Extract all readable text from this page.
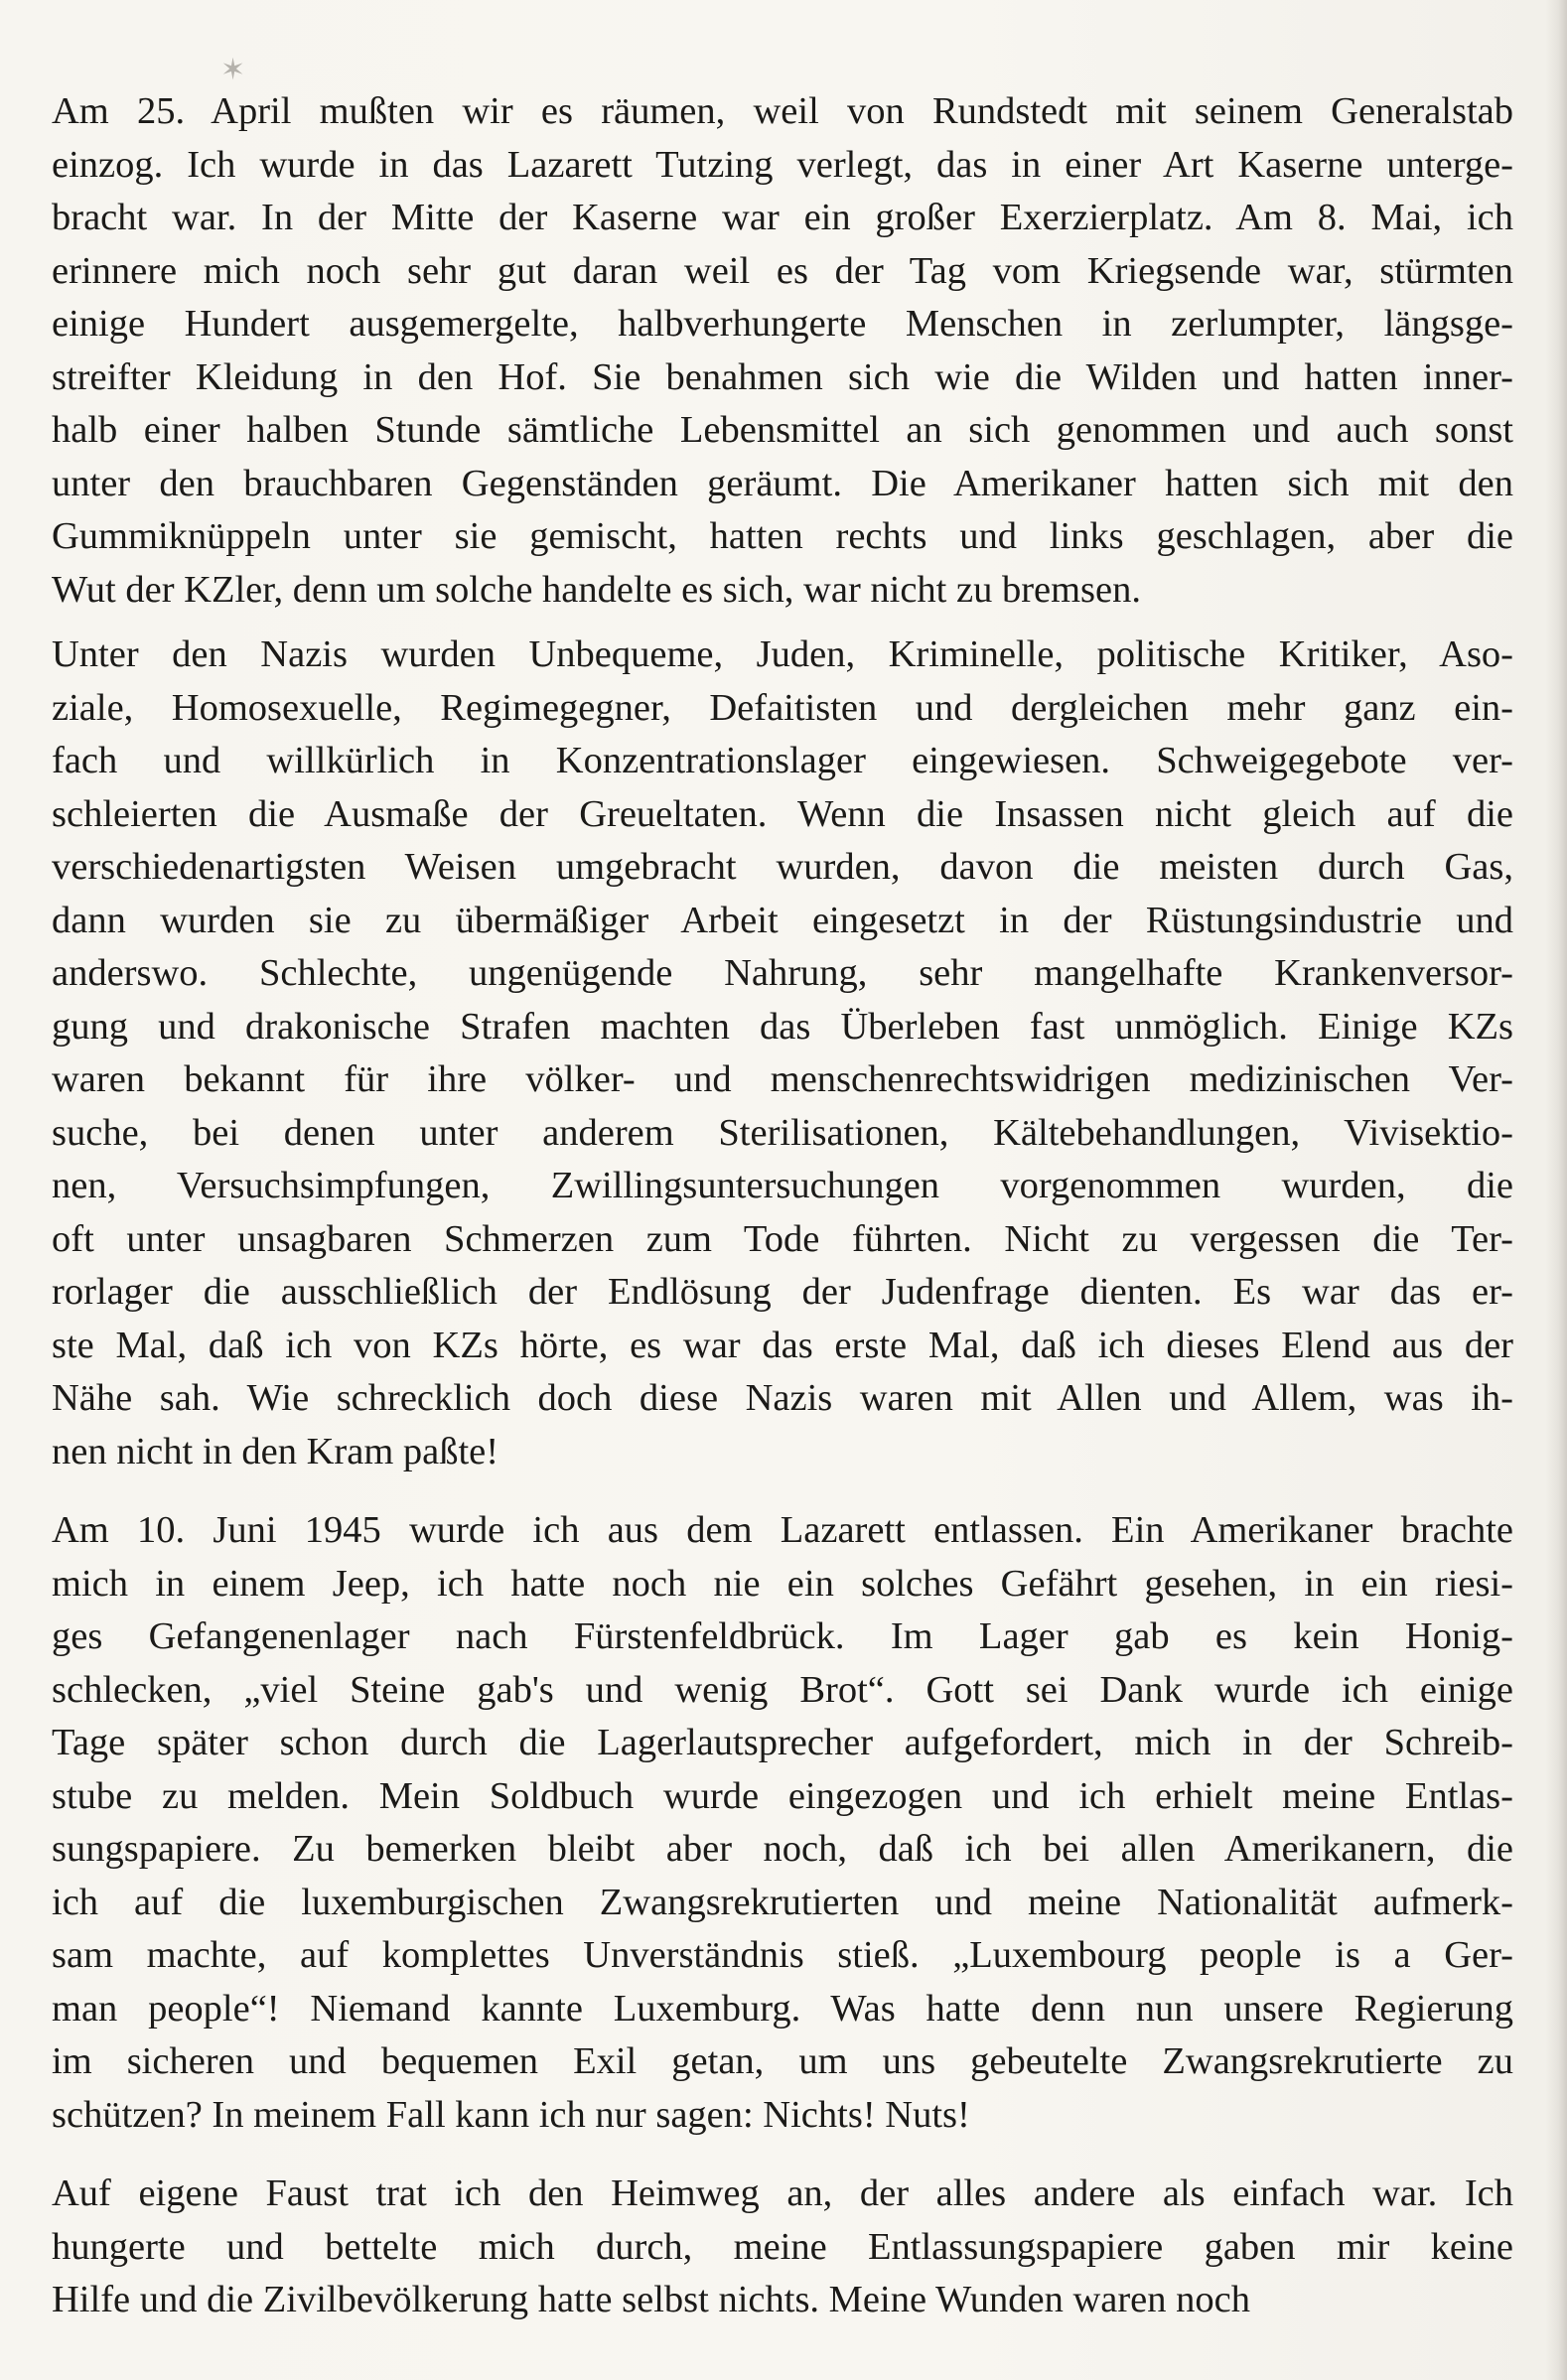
✶
Am 25. April mußten wir es räumen, weil von Rundstedt mit seinem Generalstab
einzog. Ich wurde in das Lazarett Tutzing verlegt, das in einer Art Kaserne unterge-
bracht war. In der Mitte der Kaserne war ein großer Exerzierplatz. Am 8. Mai, ich
erinnere mich noch sehr gut daran weil es der Tag vom Kriegsende war, stürmten
einige Hundert ausgemergelte, halbverhungerte Menschen in zerlumpter, längsge-
streifter Kleidung in den Hof. Sie benahmen sich wie die Wilden und hatten inner-
halb einer halben Stunde sämtliche Lebensmittel an sich genommen und auch sonst
unter den brauchbaren Gegenständen geräumt. Die Amerikaner hatten sich mit den
Gummiknüppeln unter sie gemischt, hatten rechts und links geschlagen, aber die
Wut der KZler, denn um solche handelte es sich, war nicht zu bremsen.
Unter den Nazis wurden Unbequeme, Juden, Kriminelle, politische Kritiker, Aso-
ziale, Homosexuelle, Regimegegner, Defaitisten und dergleichen mehr ganz ein-
fach und willkürlich in Konzentrationslager eingewiesen. Schweigegebote ver-
schleierten die Ausmaße der Greueltaten. Wenn die Insassen nicht gleich auf die
verschiedenartigsten Weisen umgebracht wurden, davon die meisten durch Gas,
dann wurden sie zu übermäßiger Arbeit eingesetzt in der Rüstungsindustrie und
anderswo. Schlechte, ungenügende Nahrung, sehr mangelhafte Krankenversor-
gung und drakonische Strafen machten das Überleben fast unmöglich. Einige KZs
waren bekannt für ihre völker- und menschenrechtswidrigen medizinischen Ver-
suche, bei denen unter anderem Sterilisationen, Kältebehandlungen, Vivisektio-
nen, Versuchsimpfungen, Zwillingsuntersuchungen vorgenommen wurden, die
oft unter unsagbaren Schmerzen zum Tode führten. Nicht zu vergessen die Ter-
rorlager die ausschließlich der Endlösung der Judenfrage dienten. Es war das er-
ste Mal, daß ich von KZs hörte, es war das erste Mal, daß ich dieses Elend aus der
Nähe sah. Wie schrecklich doch diese Nazis waren mit Allen und Allem, was ih-
nen nicht in den Kram paßte!
Am 10. Juni 1945 wurde ich aus dem Lazarett entlassen. Ein Amerikaner brachte
mich in einem Jeep, ich hatte noch nie ein solches Gefährt gesehen, in ein riesi-
ges Gefangenenlager nach Fürstenfeldbrück. Im Lager gab es kein Honig-
schlecken, „viel Steine gab's und wenig Brot“. Gott sei Dank wurde ich einige
Tage später schon durch die Lagerlautsprecher aufgefordert, mich in der Schreib-
stube zu melden. Mein Soldbuch wurde eingezogen und ich erhielt meine Entlas-
sungspapiere. Zu bemerken bleibt aber noch, daß ich bei allen Amerikanern, die
ich auf die luxemburgischen Zwangsrekrutierten und meine Nationalität aufmerk-
sam machte, auf komplettes Unverständnis stieß. „Luxembourg people is a Ger-
man people“! Niemand kannte Luxemburg. Was hatte denn nun unsere Regierung
im sicheren und bequemen Exil getan, um uns gebeutelte Zwangsrekrutierte zu
schützen? In meinem Fall kann ich nur sagen: Nichts! Nuts!
Auf eigene Faust trat ich den Heimweg an, der alles andere als einfach war. Ich
hungerte und bettelte mich durch, meine Entlassungspapiere gaben mir keine
Hilfe und die Zivilbevölkerung hatte selbst nichts. Meine Wunden waren noch
